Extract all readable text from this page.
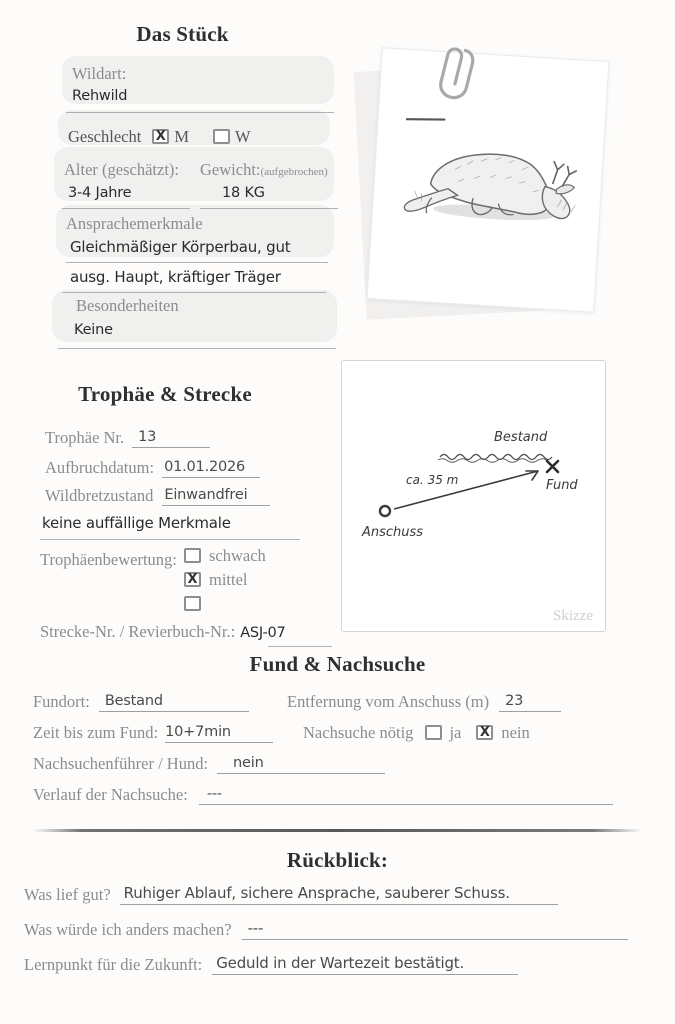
Das Stück
Wildart:
Rehwild
Geschlecht X M	W
Alter (geschätzt): Gewicht:(aufgebrochen)
3-4 Jahre	18 KG
Ansprachemerkmale
Gleichmäßiger Körperbau, gut
ausg. Haupt, kräftiger Träger
Besonderheiten
Keine
Trophäe & Strecke
Trophäe Nr. 13
Aufbruchdatum: 01.01.2026
Wildbretzustand Einwandfrei
keine auffällige Merkmale
Trophäenbewertung:	schwach
X mittel
Strecke-Nr. / Revierbuch-Nr.: ASJ-07
Bestand
Anschuss
ca. 35 m	Fund
Skizze
Fund & Nachsuche
Fundort: Bestand	Entfernung vom Anschuss (m) 23
Zeit bis zum Fund: 10+7min	Nachsuche nötig ja X nein
Nachsuchenführer / Hund: nein
Verlauf der Nachsuche: ---
Rückblick:
Was lief gut? Ruhiger Ablauf, sichere Ansprache, sauberer Schuss.
Was würde ich anders machen? ---
Lernpunkt für die Zukunft: Geduld in der Wartezeit bestätigt.
